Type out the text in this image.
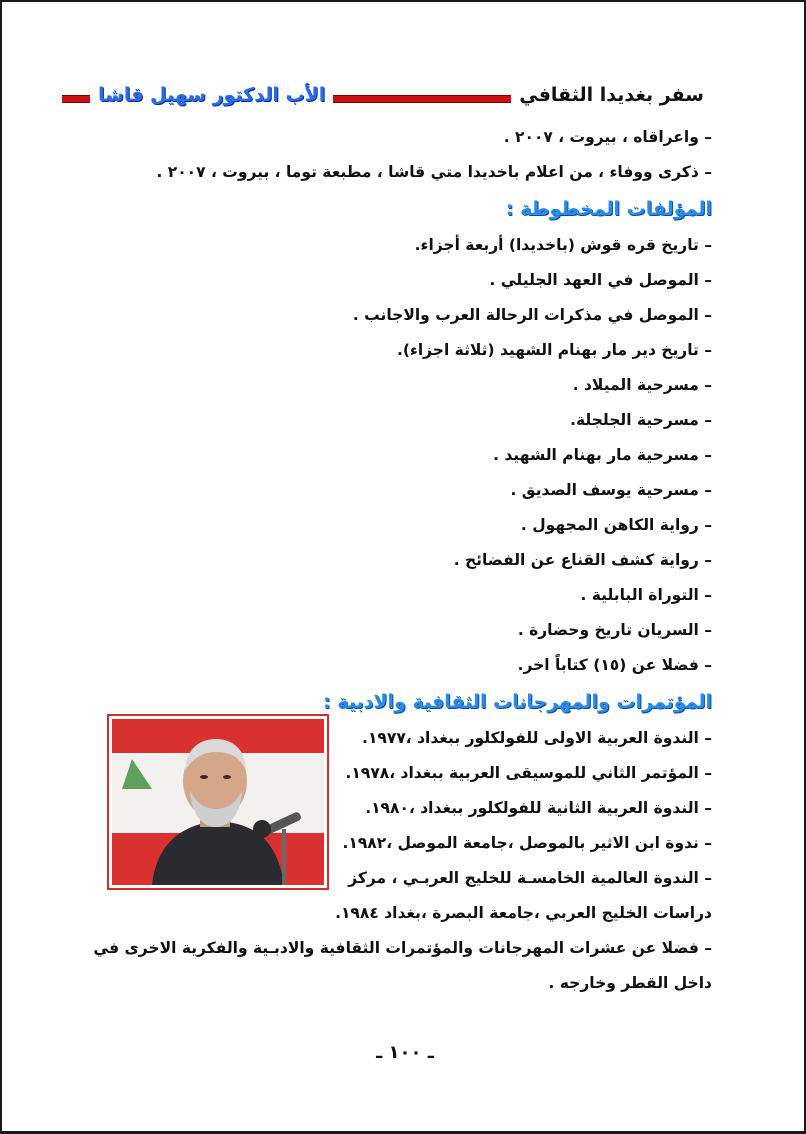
سفر بغديدا الثقافي
الأب الدكتور سهيل قاشا
– واعراقاه ، بيروت ، ٢٠٠٧ .
– ذكرى ووفاء ، من اعلام باخديدا متي قاشا ، مطبعة توما ، بيروت ، ٢٠٠٧ .
المؤلفات المخطوطة :
– تاريخ قره قوش (باخديدا) أربعة أجزاء.
– الموصل في العهد الجليلي .
– الموصل في مذكرات الرحالة العرب والاجانب .
– تاريخ دير مار بهنام الشهيد (ثلاثة اجزاء).
– مسرحية الميلاد .
– مسرحية الجلجلة.
– مسرحية مار بهنام الشهيد .
– مسرحية يوسف الصديق .
– رواية الكاهن المجهول .
– رواية كشف القناع عن الفضائح .
– التوراة البابلية .
– السريان تاريخ وحضارة .
– فضلا عن (١٥) كتاباً اخر.
المؤتمرات والمهرجانات الثقافية والادبية :
– الندوة العربية الاولى للفولكلور ببغداد ،١٩٧٧.
– المؤتمر الثاني للموسيقى العربية ببغداد ،١٩٧٨.
– الندوة العربية الثانية للفولكلور ببغداد ،١٩٨٠.
– ندوة ابن الاثير بالموصل ،جامعة الموصل ،١٩٨٢.
– الندوة العالمية الخامسـة للخليج العربـي ، مركز
دراسات الخليج العربي ،جامعة البصرة ،بغداد ١٩٨٤.
– فضلا عن عشرات المهرجانات والمؤتمرات الثقافية والادبـية والفكرية الاخرى في داخل القطر وخارجه .
ـ ١٠٠ ـ
